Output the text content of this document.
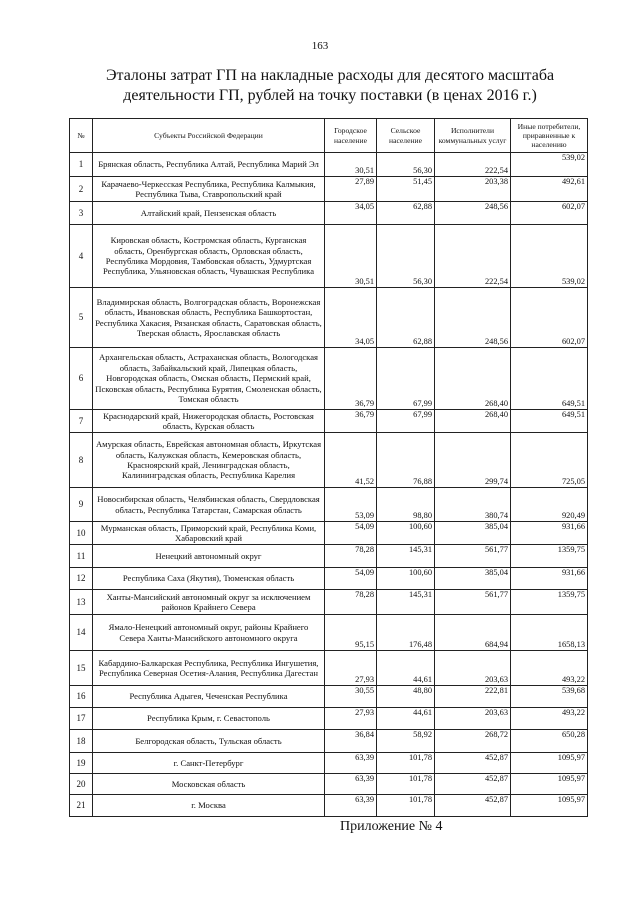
163
Эталоны затрат ГП на накладные расходы для десятого масштаба деятельности ГП, рублей на точку поставки (в ценах 2016 г.)
№	Субъекты Российской Федерации	Городское население	Сельское население	Исполнители коммунальных услуг	Иные потребители, приравненные к населению
1	Брянская область, Республика Алтай, Республика Марий Эл	30,51	56,30	222,54	539,02
2	Карачаево-Черкесская Республика, Республика Калмыкия, Республика Тыва, Ставропольский край	27,89	51,45	203,38	492,61
3	Алтайский край, Пензенская область	34,05	62,88	248,56	602,07
4	Кировская область, Костромская область, Курганская область, Оренбургская область, Орловская область, Республика Мордовия, Тамбовская область, Удмуртская Республика, Ульяновская область, Чувашская Республика	30,51	56,30	222,54	539,02
5	Владимирская область, Волгоградская область, Воронежская область, Ивановская область, Республика Башкортостан, Республика Хакасия, Рязанская область, Саратовская область, Тверская область, Ярославская область	34,05	62,88	248,56	602,07
6	Архангельская область, Астраханская область, Вологодская область, Забайкальский край, Липецкая область, Новгородская область, Омская область, Пермский край, Псковская область, Республика Бурятия, Смоленская область, Томская область	36,79	67,99	268,40	649,51
7	Краснодарский край, Нижегородская область, Ростовская область, Курская область	36,79	67,99	268,40	649,51
8	Амурская область, Еврейская автономная область, Иркутская область, Калужская область, Кемеровская область, Красноярский край, Ленинградская область, Калининградская область, Республика Карелия	41,52	76,88	299,74	725,05
9	Новосибирская область, Челябинская область, Свердловская область, Республика Татарстан, Самарская область	53,09	98,80	380,74	920,49
10	Мурманская область, Приморский край, Республика Коми, Хабаровский край	54,09	100,60	385,04	931,66
11	Ненецкий автономный округ	78,28	145,31	561,77	1359,75
12	Республика Саха (Якутия), Тюменская область	54,09	100,60	385,04	931,66
13	Ханты-Мансийский автономный округ за исключением районов Крайнего Севера	78,28	145,31	561,77	1359,75
14	Ямало-Ненецкий автономный округ, районы Крайнего Севера Ханты-Мансийского автономного округа	95,15	176,48	684,94	1658,13
15	Кабардино-Балкарская Республика, Республика Ингушетия, Республика Северная Осетия-Алания, Республика Дагестан	27,93	44,61	203,63	493,22
16	Республика Адыгея, Чеченская Республика	30,55	48,80	222,81	539,68
17	Республика Крым, г. Севастополь	27,93	44,61	203,63	493,22
18	Белгородская область, Тульская область	36,84	58,92	268,72	650,28
19	г. Санкт-Петербург	63,39	101,78	452,87	1095,97
20	Московская область	63,39	101,78	452,87	1095,97
21	г. Москва	63,39	101,78	452,87	1095,97
Приложение № 4
